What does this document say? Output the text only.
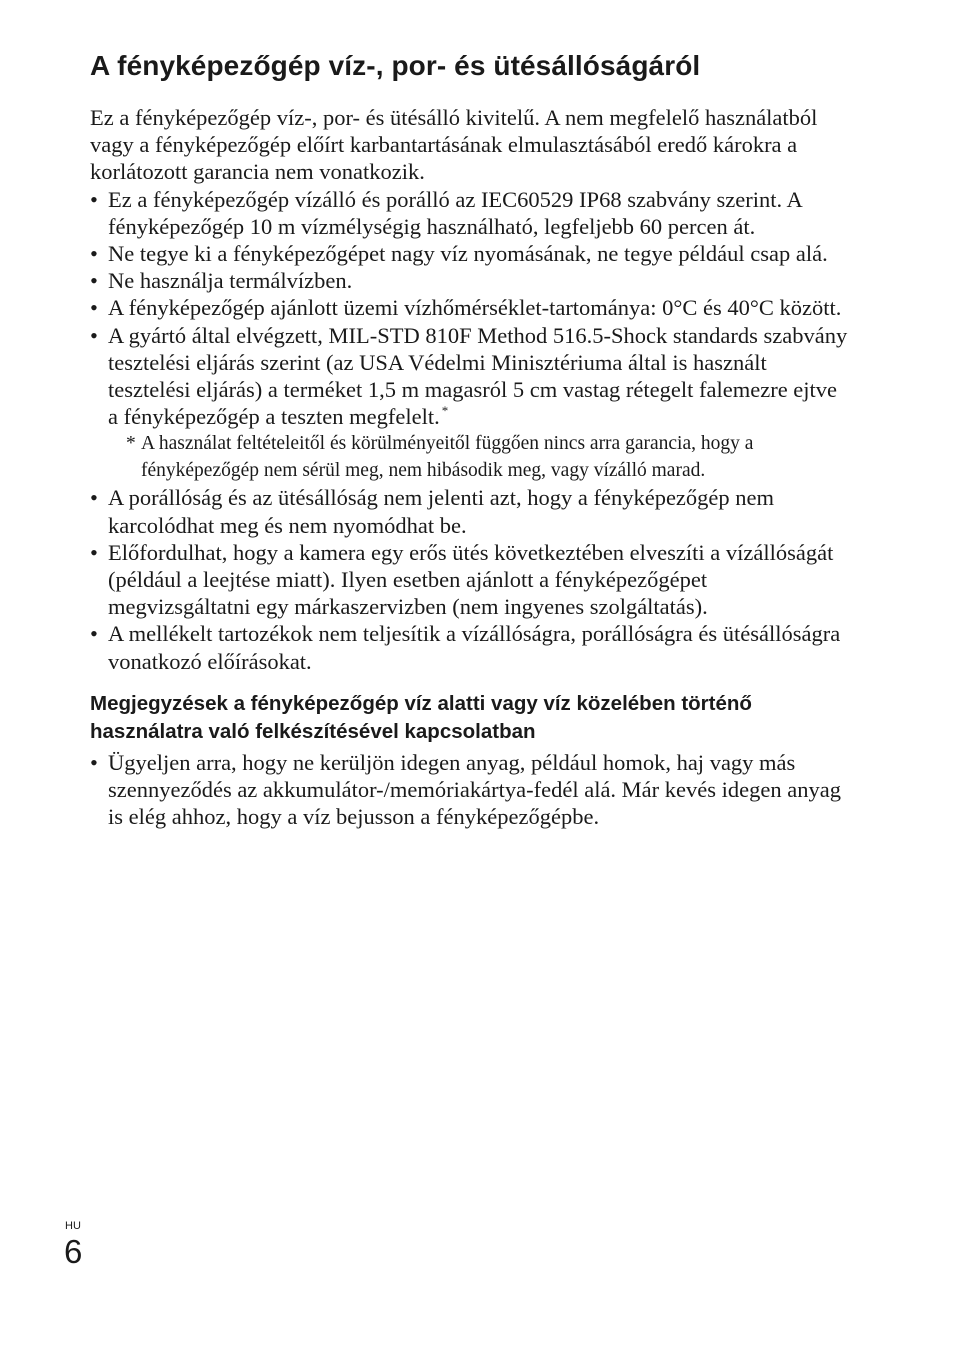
A fényképezőgép víz-, por- és ütésállóságáról

Ez a fényképezőgép víz-, por- és ütésálló kivitelű. A nem megfelelő használatból vagy a fényképezőgép előírt karbantartásának elmulasztásából eredő károkra a korlátozott garancia nem vonatkozik.

• Ez a fényképezőgép vízálló és porálló az IEC60529 IP68 szabvány szerint. A fényképezőgép 10 m vízmélységig használható, legfeljebb 60 percen át.
• Ne tegye ki a fényképezőgépet nagy víz nyomásának, ne tegye például csap alá.
• Ne használja termálvízben.
• A fényképezőgép ajánlott üzemi vízhőmérséklet-tartománya: 0°C és 40°C között.
• A gyártó által elvégzett, MIL-STD 810F Method 516.5-Shock standards szabvány tesztelési eljárás szerint (az USA Védelmi Minisztériuma által is használt tesztelési eljárás) a terméket 1,5 m magasról 5 cm vastag rétegelt falemezre ejtve a fényképezőgép a teszten megfelelt. *

* A használat feltételeitől és körülményeitől függően nincs arra garancia, hogy a fényképezőgép nem sérül meg, nem hibásodik meg, vagy vízálló marad.

• A porállóság és az ütésállóság nem jelenti azt, hogy a fényképezőgép nem karcolódhat meg és nem nyomódhat be.
• Előfordulhat, hogy a kamera egy erős ütés következtében elveszíti a vízállóságát (például a leejtése miatt). Ilyen esetben ajánlott a fényképezőgépet megvizsgáltatni egy márkaszervizben (nem ingyenes szolgáltatás).
• A mellékelt tartozékok nem teljesítik a vízállóságra, porállóságra és ütésállóságra vonatkozó előírásokat.
Megjegyzések a fényképezőgép víz alatti vagy víz közelében történő használatra való felkészítésével kapcsolatban
• Ügyeljen arra, hogy ne kerüljön idegen anyag, például homok, haj vagy más szennyeződés az akkumulátor-/memóriakártya-fedél alá. Már kevés idegen anyag is elég ahhoz, hogy a víz bejusson a fényképezőgépbe.
HU
6
